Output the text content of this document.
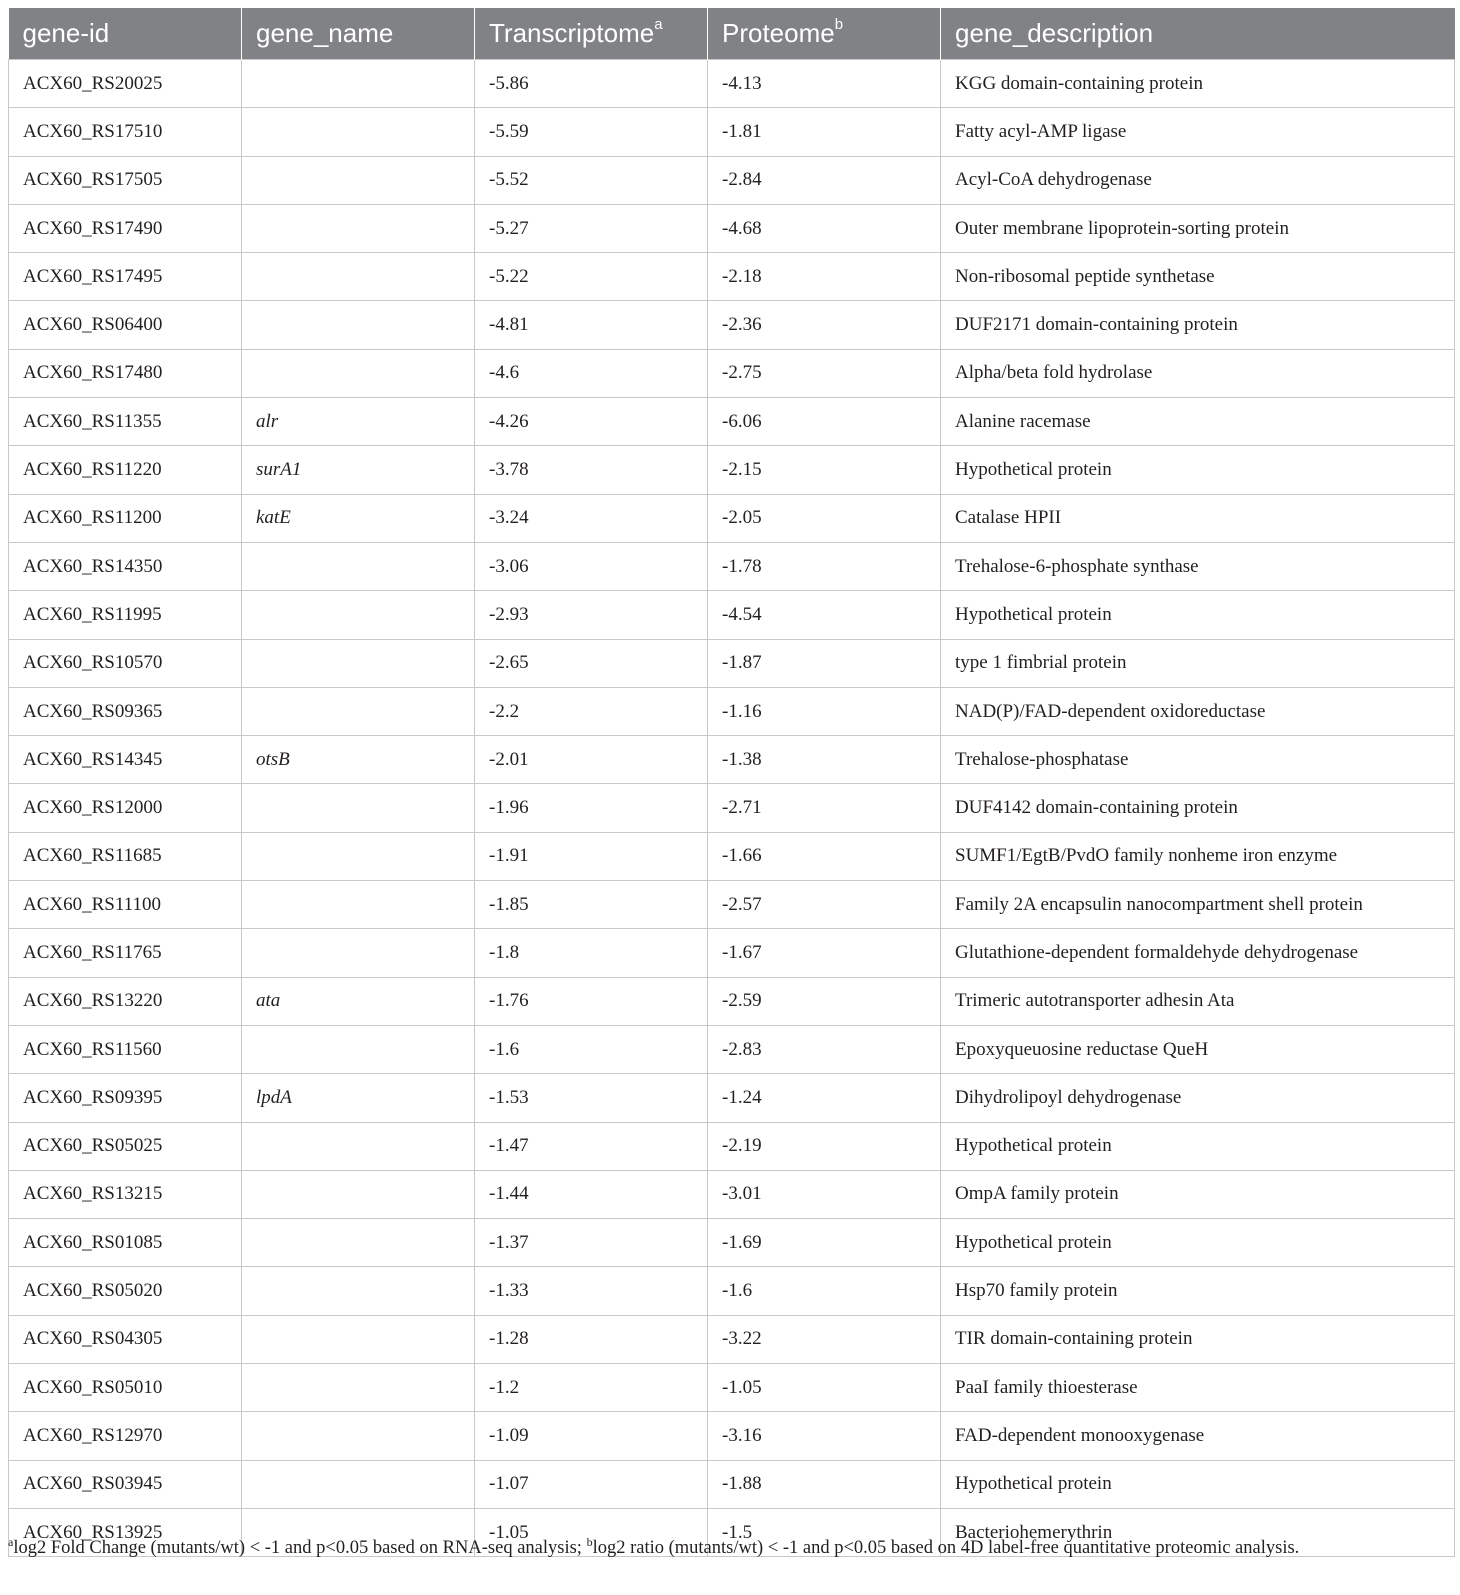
gene-id	gene_name	Transcriptome$^a$	Proteome$^b$	gene_description
ACX60_RS20025		-5.86	-4.13	KGG domain-containing protein
ACX60_RS17510		-5.59	-1.81	Fatty acyl-AMP ligase
ACX60_RS17505		-5.52	-2.84	Acyl-CoA dehydrogenase
ACX60_RS17490		-5.27	-4.68	Outer membrane lipoprotein-sorting protein
ACX60_RS17495		-5.22	-2.18	Non-ribosomal peptide synthetase
ACX60_RS06400		-4.81	-2.36	DUF2171 domain-containing protein
ACX60_RS17480		-4.6	-2.75	Alpha/beta fold hydrolase
ACX60_RS11355	alr	-4.26	-6.06	Alanine racemase
ACX60_RS11220	surA1	-3.78	-2.15	Hypothetical protein
ACX60_RS11200	katE	-3.24	-2.05	Catalase HPII
ACX60_RS14350		-3.06	-1.78	Trehalose-6-phosphate synthase
ACX60_RS11995		-2.93	-4.54	Hypothetical protein
ACX60_RS10570		-2.65	-1.87	type 1 fimbrial protein
ACX60_RS09365		-2.2	-1.16	NAD(P)/FAD-dependent oxidoreductase
ACX60_RS14345	otsB	-2.01	-1.38	Trehalose-phosphatase
ACX60_RS12000		-1.96	-2.71	DUF4142 domain-containing protein
ACX60_RS11685		-1.91	-1.66	SUMF1/EgtB/PvdO family nonheme iron enzyme
ACX60_RS11100		-1.85	-2.57	Family 2A encapsulin nanocompartment shell protein
ACX60_RS11765		-1.8	-1.67	Glutathione-dependent formaldehyde dehydrogenase
ACX60_RS13220	ata	-1.76	-2.59	Trimeric autotransporter adhesin Ata
ACX60_RS11560		-1.6	-2.83	Epoxyqueuosine reductase QueH
ACX60_RS09395	lpdA	-1.53	-1.24	Dihydrolipoyl dehydrogenase
ACX60_RS05025		-1.47	-2.19	Hypothetical protein
ACX60_RS13215		-1.44	-3.01	OmpA family protein
ACX60_RS01085		-1.37	-1.69	Hypothetical protein
ACX60_RS05020		-1.33	-1.6	Hsp70 family protein
ACX60_RS04305		-1.28	-3.22	TIR domain-containing protein
ACX60_RS05010		-1.2	-1.05	PaaI family thioesterase
ACX60_RS12970		-1.09	-3.16	FAD-dependent monooxygenase
ACX60_RS03945		-1.07	-1.88	Hypothetical protein
ACX60_RS13925		-1.05	-1.5	Bacteriohemerythrin
$^a$log2 Fold Change (mutants/wt) < -1 and p<0.05 based on RNA-seq analysis; $^b$log2 ratio (mutants/wt) < -1 and p<0.05 based on 4D label-free quantitative proteomic analysis.
